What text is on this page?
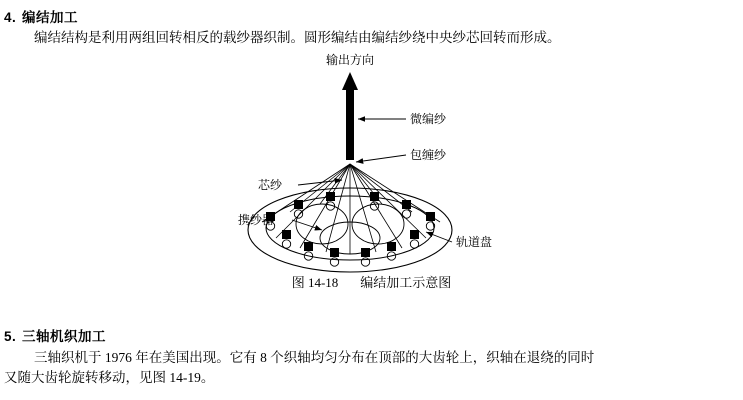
4. 编结加工
编结结构是利用两组回转相反的载纱器织制。圆形编结由编结纱绕中央纱芯回转而形成。
输出方向
微编纱
包缠纱
芯纱
携纱器
轨道盘
图 14-18 编结加工示意图
5. 三轴机织加工
三轴织机于 1976 年在美国出现。它有 8 个织轴均匀分布在顶部的大齿轮上，织轴在退绕的同时
又随大齿轮旋转移动，见图 14-19。
